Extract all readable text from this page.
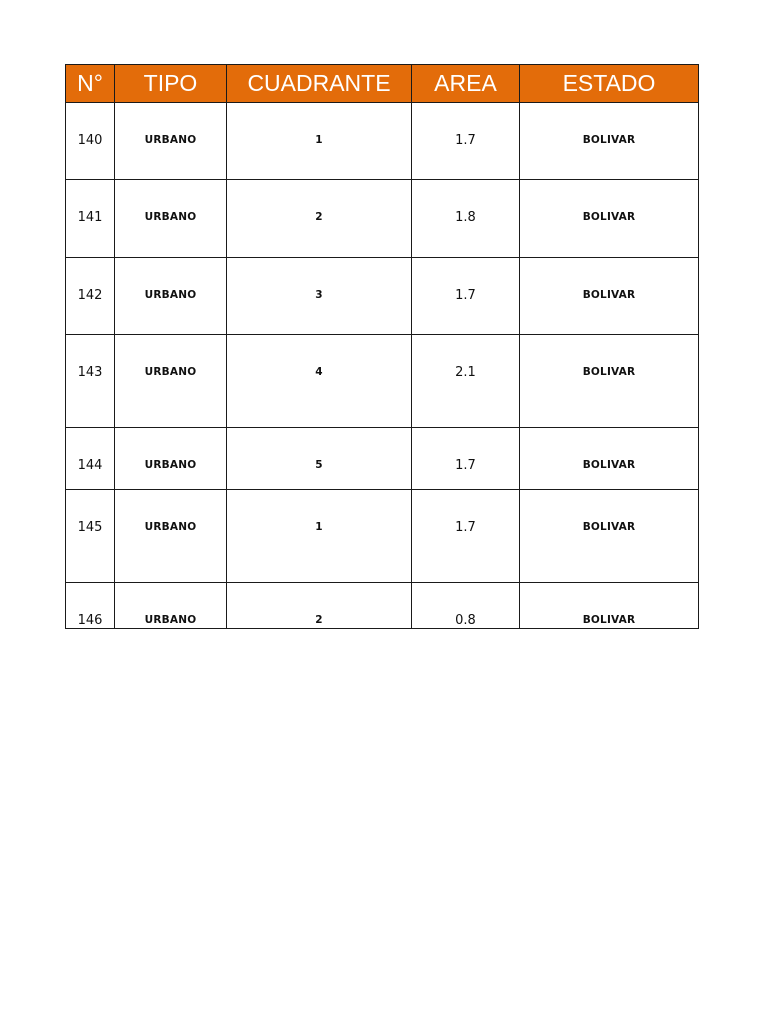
N°	TIPO	CUADRANTE	AREA	ESTADO
140	URBANO	1	1.7	BOLIVAR
141	URBANO	2	1.8	BOLIVAR
142	URBANO	3	1.7	BOLIVAR
143	URBANO	4	2.1	BOLIVAR
144	URBANO	5	1.7	BOLIVAR
145	URBANO	1	1.7	BOLIVAR
146	URBANO	2	0.8	BOLIVAR
